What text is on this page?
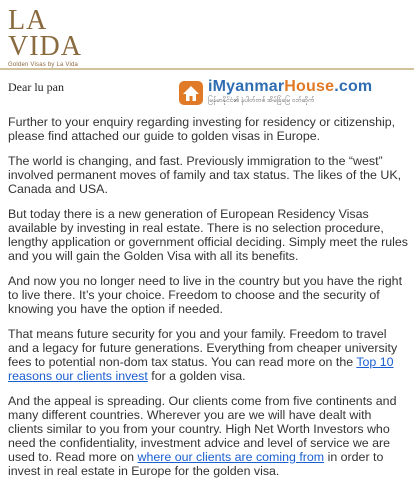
LA
VIDA
Golden Visas by La Vida
Dear lu pan	iMyanmarHouse.com
မြန်မာနိုင်ငံ၏ နံပါတ်တစ် အိမ်ခြံမြေ ဝဘ်ဆိုက်

Further to your enquiry regarding investing for residency or citizenship, please find attached our guide to golden visas in Europe.

The world is changing, and fast. Previously immigration to the “west” involved permanent moves of family and tax status. The likes of the UK, Canada and USA.

But today there is a new generation of European Residency Visas available by investing in real estate. There is no selection procedure, lengthy application or government official deciding. Simply meet the rules and you will gain the Golden Visa with all its benefits.

And now you no longer need to live in the country but you have the right to live there. It’s your choice. Freedom to choose and the security of knowing you have the option if needed.

That means future security for you and your family. Freedom to travel and a legacy for future generations. Everything from cheaper university fees to potential non-dom tax status. You can read more on the Top 10 reasons our clients invest for a golden visa.

And the appeal is spreading. Our clients come from five continents and many different countries. Wherever you are we will have dealt with clients similar to you from your country. High Net Worth Investors who need the confidentiality, investment advice and level of service we are used to. Read more on where our clients are coming from in order to invest in real estate in Europe for the golden visa.
